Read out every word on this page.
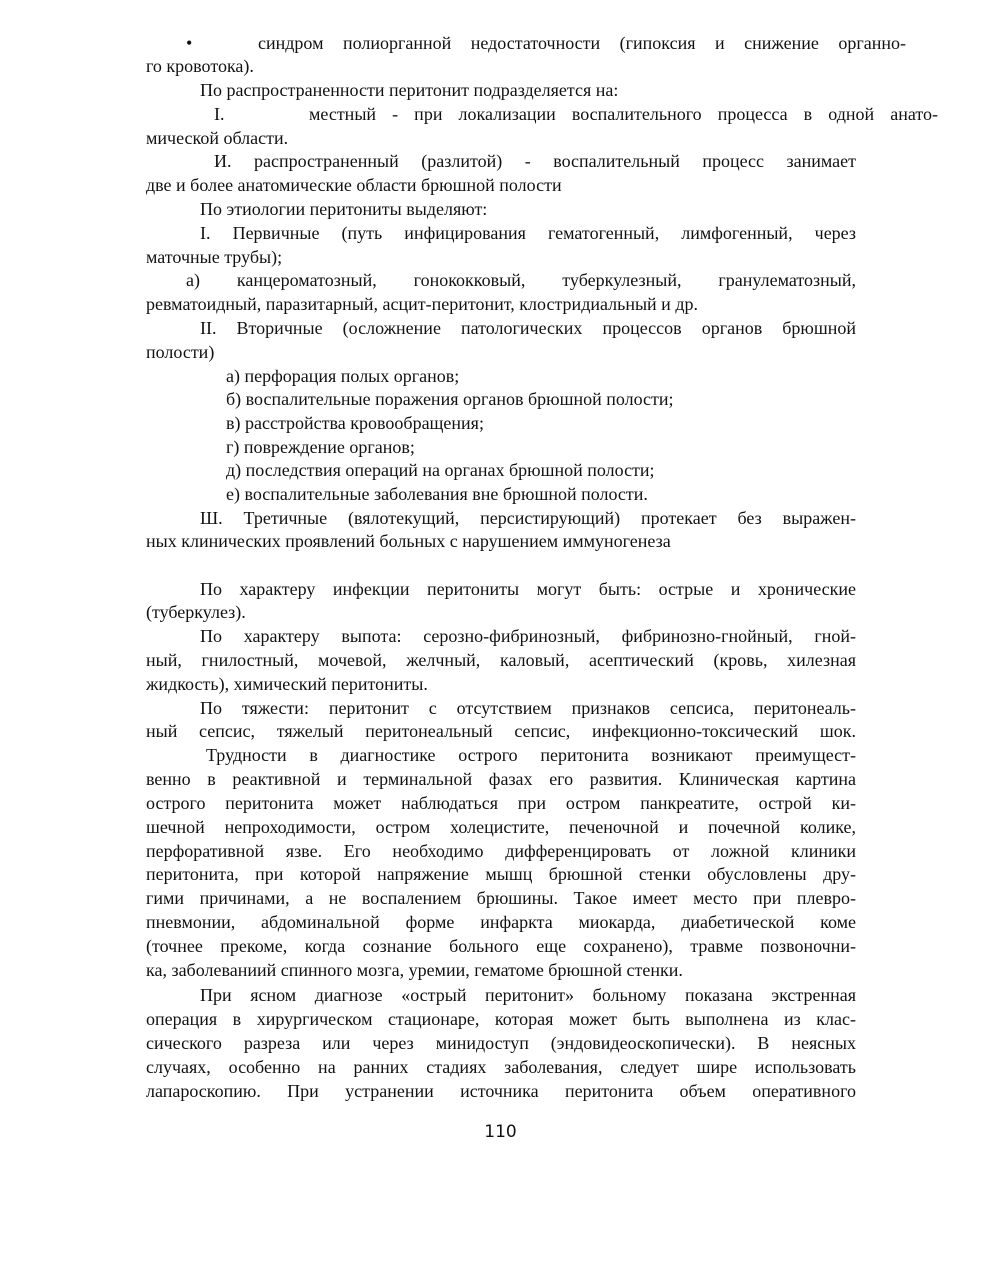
•	синдром полиорганной недостаточности (гипоксия и снижение органно-
го кровотока).
По распространенности перитонит подразделяется на:
I.	местный - при локализации воспалительного процесса в одной анато-
мической области.
И. распространенный (разлитой) - воспалительный процесс занимает
две и более анатомические области брюшной полости
По этиологии перитониты выделяют:
I. Первичные (путь инфицирования гематогенный, лимфогенный, через
маточные трубы);
а) канцероматозный, гонококковый, туберкулезный, гранулематозный,
ревматоидный, паразитарный, асцит-перитонит, клостридиальный и др.
II. Вторичные (осложнение патологических процессов органов брюшной
полости)
а) перфорация полых органов;
б) воспалительные поражения органов брюшной полости;
в) расстройства кровообращения;
г) повреждение органов;
д) последствия операций на органах брюшной полости;
е) воспалительные заболевания вне брюшной полости.
Ш. Третичные (вялотекущий, персистирующий) протекает без выражен-
ных клинических проявлений больных с нарушением иммуногенеза
По характеру инфекции перитониты могут быть: острые и хронические
(туберкулез).
По характеру выпота: серозно-фибринозный, фибринозно-гнойный, гной-
ный, гнилостный, мочевой, желчный, каловый, асептический (кровь, хилезная
жидкость), химический перитониты.
По тяжести: перитонит с отсутствием признаков сепсиса, перитонеаль-
ный сепсис, тяжелый перитонеальный сепсис, инфекционно-токсический шок.
Трудности в диагностике острого перитонита возникают преимущест-
венно в реактивной и терминальной фазах его развития. Клиническая картина
острого перитонита может наблюдаться при остром панкреатите, острой ки-
шечной непроходимости, остром холецистите, печеночной и почечной колике,
перфоративной язве. Его необходимо дифференцировать от ложной клиники
перитонита, при которой напряжение мышц брюшной стенки обусловлены дру-
гими причинами, а не воспалением брюшины. Такое имеет место при плевро-
пневмонии, абдоминальной форме инфаркта миокарда, диабетической коме
(точнее прекоме, когда сознание больного еще сохранено), травме позвоночни-
ка, заболеваниий спинного мозга, уремии, гематоме брюшной стенки.
При ясном диагнозе «острый перитонит» больному показана экстренная
операция в хирургическом стационаре, которая может быть выполнена из клас-
сического разреза или через минидоступ (эндовидеоскопически). В неясных
случаях, особенно на ранних стадиях заболевания, следует шире использовать
лапароскопию. При устранении источника перитонита объем оперативного
110
